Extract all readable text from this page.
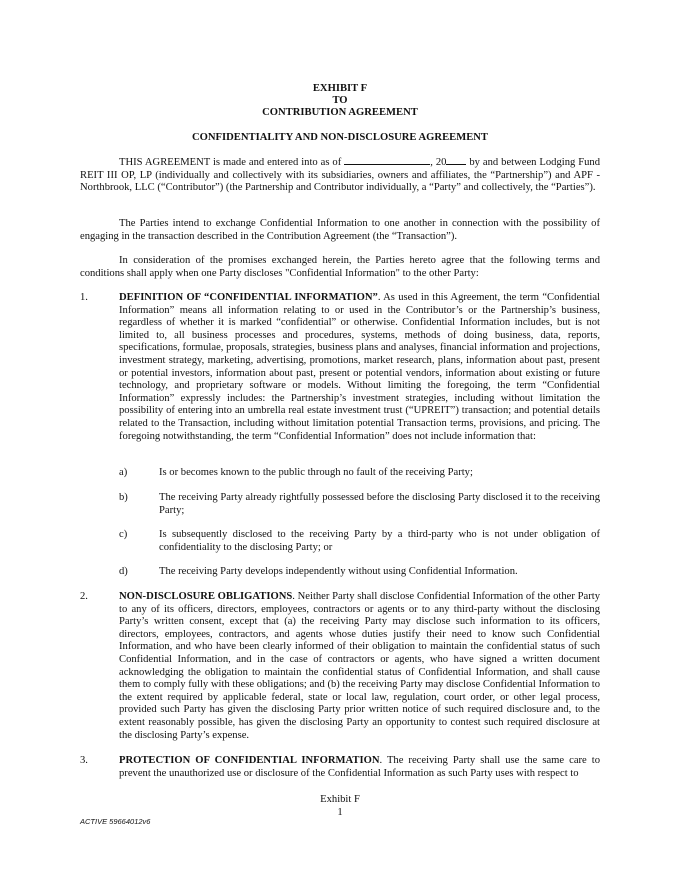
EXHIBIT F
TO
CONTRIBUTION AGREEMENT
CONFIDENTIALITY AND NON-DISCLOSURE AGREEMENT

THIS AGREEMENT is made and entered into as of	, 20 by and between Lodging Fund REIT III OP, LP (individually and collectively with its subsidiaries, owners and affiliates, the “Partnership”) and APF - Northbrook, LLC (“Contributor”) (the Partnership and Contributor individually, a “Party” and collectively, the “Parties”).

The Parties intend to exchange Confidential Information to one another in connection with the possibility of engaging in the transaction described in the Contribution Agreement (the “Transaction”).

In consideration of the promises exchanged herein, the Parties hereto agree that the following terms and conditions shall apply when one Party discloses "Confidential Information" to the other Party:

1.	DEFINITION OF “CONFIDENTIAL INFORMATION”. As used in this Agreement, the term “Confidential Information” means all information relating to or used in the Contributor’s or the Partnership’s business, regardless of whether it is marked “confidential” or otherwise. Confidential Information includes, but is not limited to, all business processes and procedures, systems, methods of doing business, data, reports, specifications, formulae, proposals, strategies, business plans and analyses, financial information and projections, investment strategy, marketing, advertising, promotions, market research, plans, information about past, present or potential investors, information about past, present or potential vendors, information about existing or future technology, and proprietary software or models. Without limiting the foregoing, the term “Confidential Information” expressly includes: the Partnership’s investment strategies, including without limitation the possibility of entering into an umbrella real estate investment trust (“UPREIT”) transaction; and potential details related to the Transaction, including without limitation potential Transaction terms, provisions, and pricing. The foregoing notwithstanding, the term “Confidential Information” does not include information that:

a)	Is or becomes known to the public through no fault of the receiving Party;

b)	The receiving Party already rightfully possessed before the disclosing Party disclosed it to the receiving Party;

c)	Is subsequently disclosed to the receiving Party by a third-party who is not under obligation of confidentiality to the disclosing Party; or

d)	The receiving Party develops independently without using Confidential Information.

2.	NON-DISCLOSURE OBLIGATIONS. Neither Party shall disclose Confidential Information of the other Party to any of its officers, directors, employees, contractors or agents or to any third-party without the disclosing Party’s written consent, except that (a) the receiving Party may disclose such information to its officers, directors, employees, contractors, and agents whose duties justify their need to know such Confidential Information, and who have been clearly informed of their obligation to maintain the confidential status of such Confidential Information, and in the case of contractors or agents, who have signed a written document acknowledging the obligation to maintain the confidential status of Confidential Information, and shall cause them to comply fully with these obligations; and (b) the receiving Party may disclose Confidential Information to the extent required by applicable federal, state or local law, regulation, court order, or other legal process, provided such Party has given the disclosing Party prior written notice of such required disclosure and, to the extent reasonably possible, has given the disclosing Party an opportunity to contest such required disclosure at the disclosing Party’s expense.

3.	PROTECTION OF CONFIDENTIAL INFORMATION. The receiving Party shall use the same care to prevent the unauthorized use or disclosure of the Confidential Information as such Party uses with respect to

Exhibit F
1
ACTIVE 59664012v6
